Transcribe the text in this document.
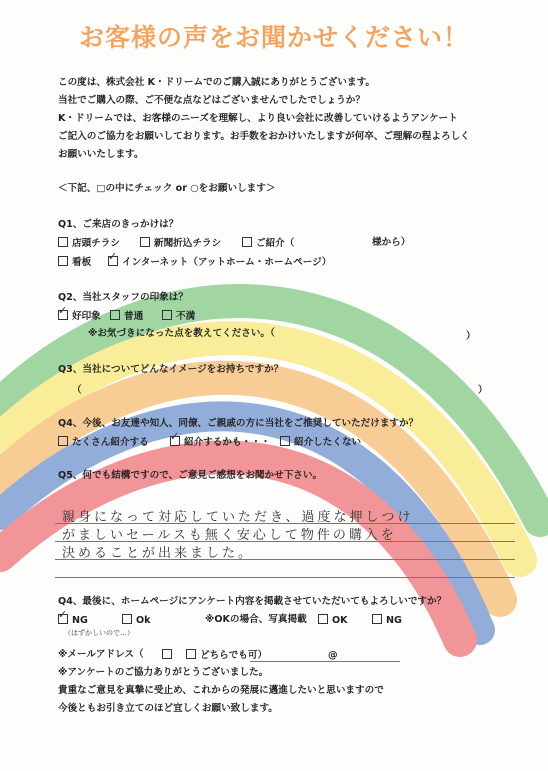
お客様の声をお聞かせください！
この度は、株式会社 K・ドリームでのご購入誠にありがとうございます。
当社でご購入の際、ご不便な点などはございませんでしたでしょうか？
K・ドリームでは、お客様のニーズを理解し、より良い会社に改善していけるようアンケート
ご記入のご協力をお願いしております。お手数をおかけいたしますが何卒、ご理解の程よろしく
お願いいたします。
＜下記、□の中にチェック or ○をお願いします＞
Q1、ご来店のきっかけは？
店頭チラシ	新聞折込チラシ	ご紹介（	様から）
看板 ✓	インターネット（アットホーム・ホームページ）
Q2、当社スタッフの印象は？
✓好印象	普通	不満
※お気づきになった点を教えてください。（	）
Q3、当社についてどんなイメージをお持ちですか？
（	）
Q4、今後、お友達や知人、同僚、ご親戚の方に当社をご推奨していただけますか？
たくさん紹介する ✓	紹介するかも・・・	紹介したくない
Q5、何でも結構ですので、ご意見ご感想をお聞かせ下さい。
親身になって対応していただき、過度な押しつけ
がましいセールスも無く安心して物件の購入を
決めることが出来ました。
Q4、最後に、ホームページにアンケート内容を掲載させていただいてもよろしいですか？
✓NG	Ok	※OKの場合、写真掲載	OK	NG
（はずかしいので…）
※メールアドレス（	どちらでも可）	@
※アンケートのご協力ありがとうございました。
貴重なご意見を真摯に受止め、これからの発展に邁進したいと思いますので
今後ともお引き立てのほど宜しくお願い致します。
